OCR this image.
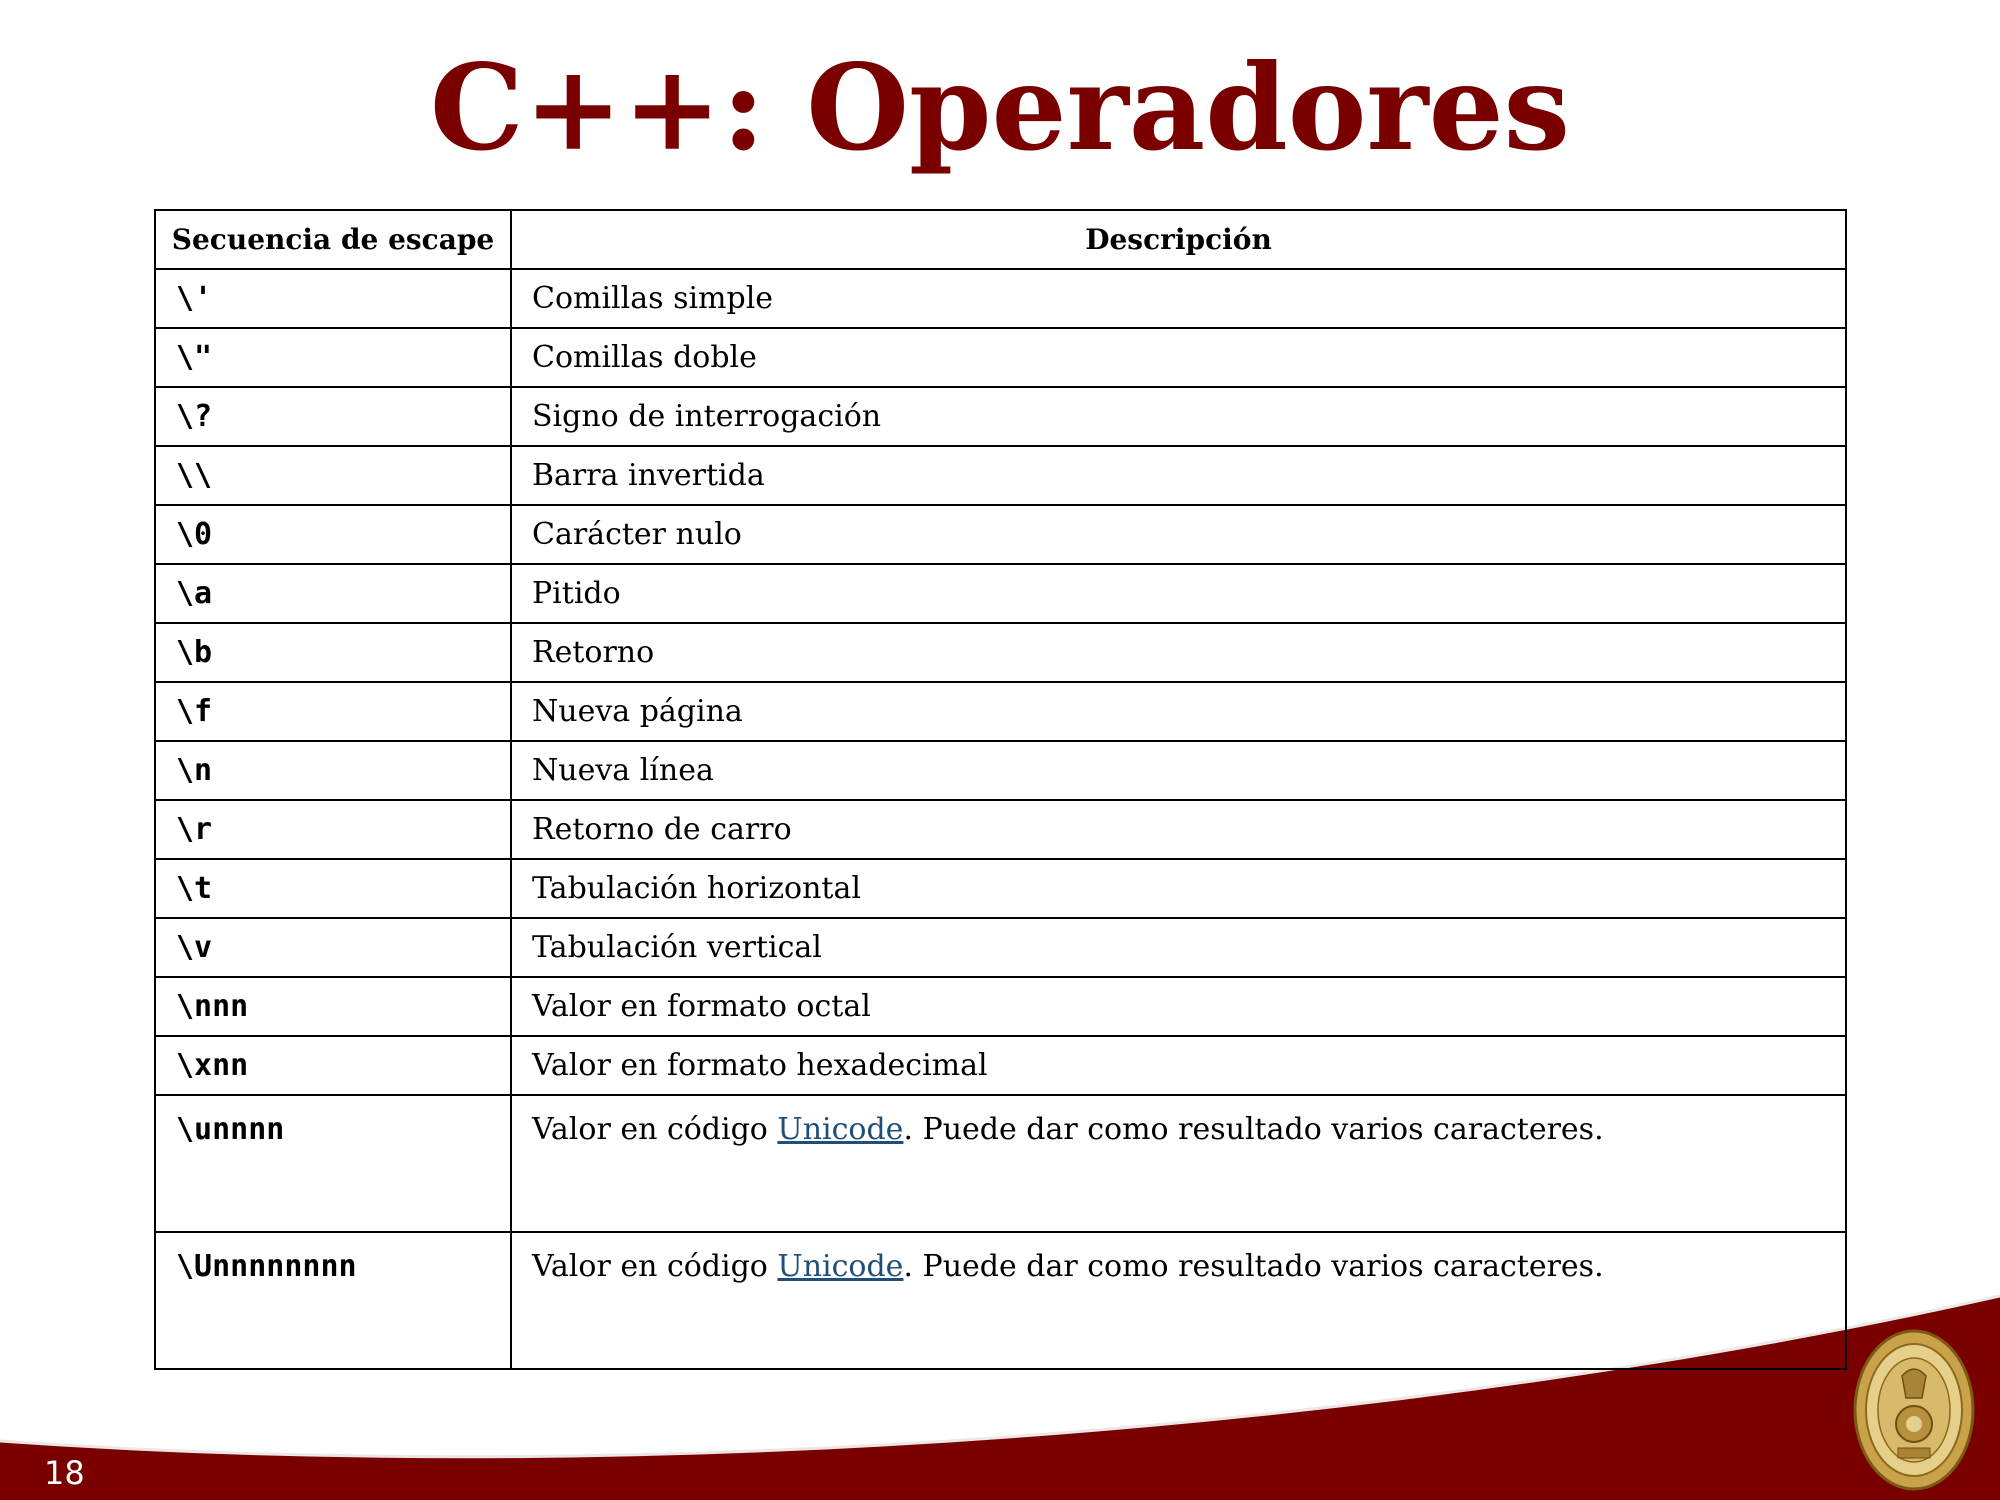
C++: Operadores
Secuencia de escape	Descripción
\'	Comillas simple
\"	Comillas doble
\?	Signo de interrogación
\\	Barra invertida
\0	Carácter nulo
\a	Pitido
\b	Retorno
\f	Nueva página
\n	Nueva línea
\r	Retorno de carro
\t	Tabulación horizontal
\v	Tabulación vertical
\nnn	Valor en formato octal
\xnn	Valor en formato hexadecimal
\unnnn	Valor en código Unicode. Puede dar como resultado varios caracteres.
\Unnnnnnnn	Valor en código Unicode. Puede dar como resultado varios caracteres.
18
